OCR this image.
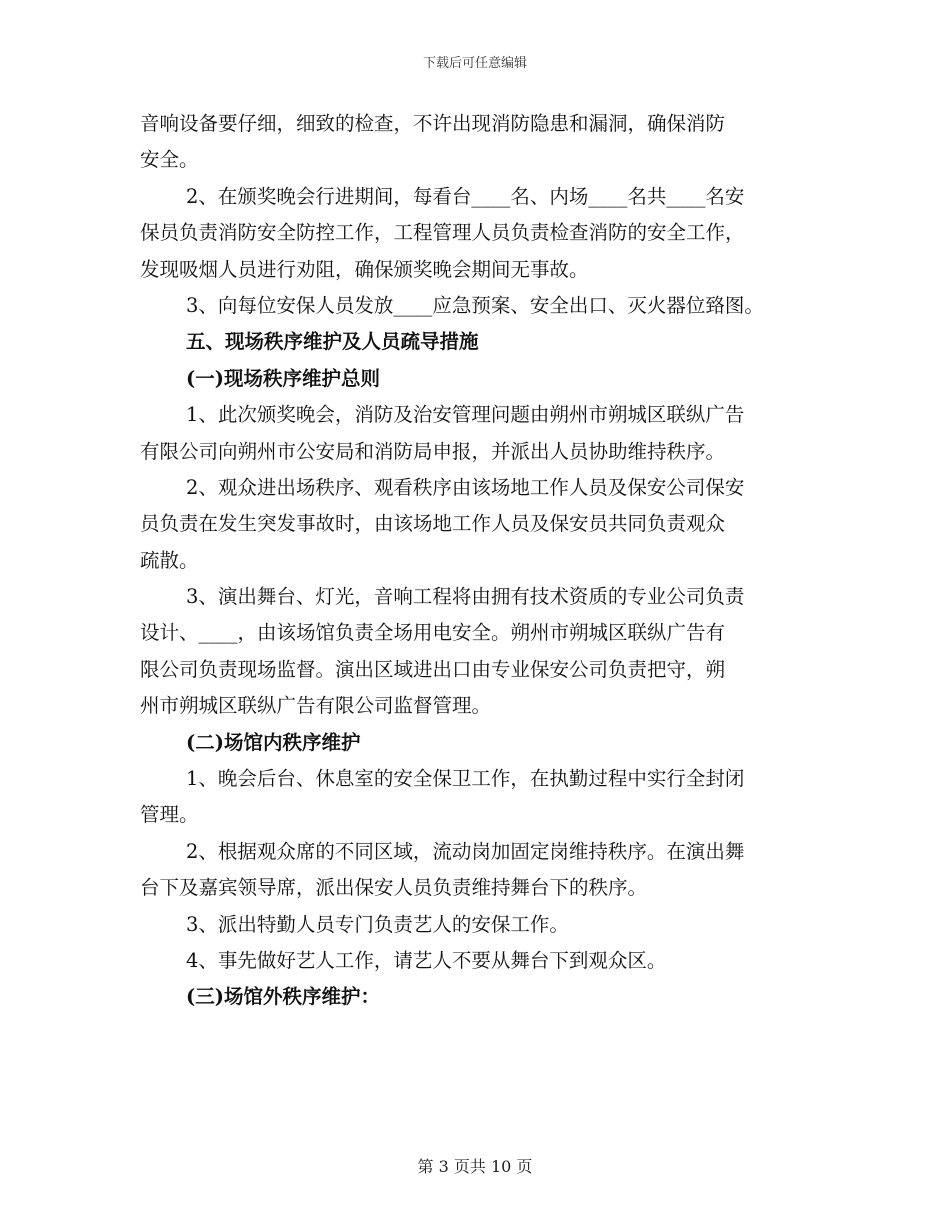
下载后可任意编辑
音响设备要仔细，细致的检查，不许出现消防隐患和漏洞，确保消防
安全。
2、在颁奖晚会行进期间，每看台____名、内场____名共____名安
保员负责消防安全防控工作，工程管理人员负责检查消防的安全工作，
发现吸烟人员进行劝阻，确保颁奖晚会期间无事故。
3、向每位安保人员发放____应急预案、安全出口、灭火器位臵图。
五、现场秩序维护及人员疏导措施
(一)现场秩序维护总则
1、此次颁奖晚会，消防及治安管理问题由朔州市朔城区联纵广告
有限公司向朔州市公安局和消防局申报，并派出人员协助维持秩序。
2、观众进出场秩序、观看秩序由该场地工作人员及保安公司保安
员负责在发生突发事故时，由该场地工作人员及保安员共同负责观众
疏散。
3、演出舞台、灯光，音响工程将由拥有技术资质的专业公司负责
设计、____，由该场馆负责全场用电安全。朔州市朔城区联纵广告有
限公司负责现场监督。演出区域进出口由专业保安公司负责把守，朔
州市朔城区联纵广告有限公司监督管理。
(二)场馆内秩序维护
1、晚会后台、休息室的安全保卫工作，在执勤过程中实行全封闭
管理。
2、根据观众席的不同区域，流动岗加固定岗维持秩序。在演出舞
台下及嘉宾领导席，派出保安人员负责维持舞台下的秩序。
3、派出特勤人员专门负责艺人的安保工作。
4、事先做好艺人工作，请艺人不要从舞台下到观众区。
(三)场馆外秩序维护：
第 3 页共 10 页
